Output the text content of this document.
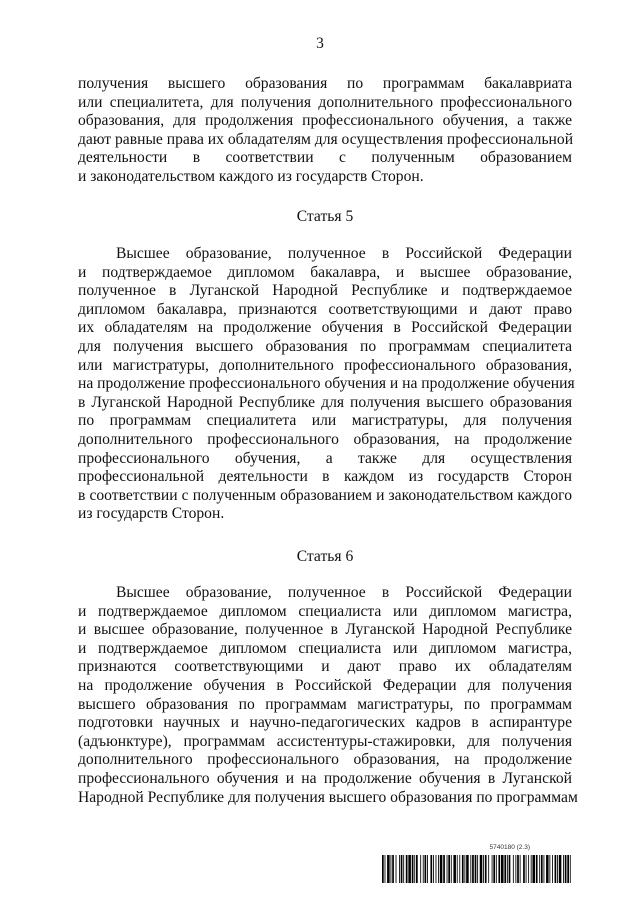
3
получения высшего образования по программам бакалавриата
или специалитета, для получения дополнительного профессионального
образования, для продолжения профессионального обучения, а также
дают равные права их обладателям для осуществления профессиональной
деятельности в соответствии с полученным образованием
и законодательством каждого из государств Сторон.
Статья 5
Высшее образование, полученное в Российской Федерации
и подтверждаемое дипломом бакалавра, и высшее образование,
полученное в Луганской Народной Республике и подтверждаемое
дипломом бакалавра, признаются соответствующими и дают право
их обладателям на продолжение обучения в Российской Федерации
для получения высшего образования по программам специалитета
или магистратуры, дополнительного профессионального образования,
на продолжение профессионального обучения и на продолжение обучения
в Луганской Народной Республике для получения высшего образования
по программам специалитета или магистратуры, для получения
дополнительного профессионального образования, на продолжение
профессионального обучения, а также для осуществления
профессиональной деятельности в каждом из государств Сторон
в соответствии с полученным образованием и законодательством каждого
из государств Сторон.
Статья 6
Высшее образование, полученное в Российской Федерации
и подтверждаемое дипломом специалиста или дипломом магистра,
и высшее образование, полученное в Луганской Народной Республике
и подтверждаемое дипломом специалиста или дипломом магистра,
признаются соответствующими и дают право их обладателям
на продолжение обучения в Российской Федерации для получения
высшего образования по программам магистратуры, по программам
подготовки научных и научно-педагогических кадров в аспирантуре
(адъюнктуре), программам ассистентуры-стажировки, для получения
дополнительного профессионального образования, на продолжение
профессионального обучения и на продолжение обучения в Луганской
Народной Республике для получения высшего образования по программам
5740180 (2.3)
